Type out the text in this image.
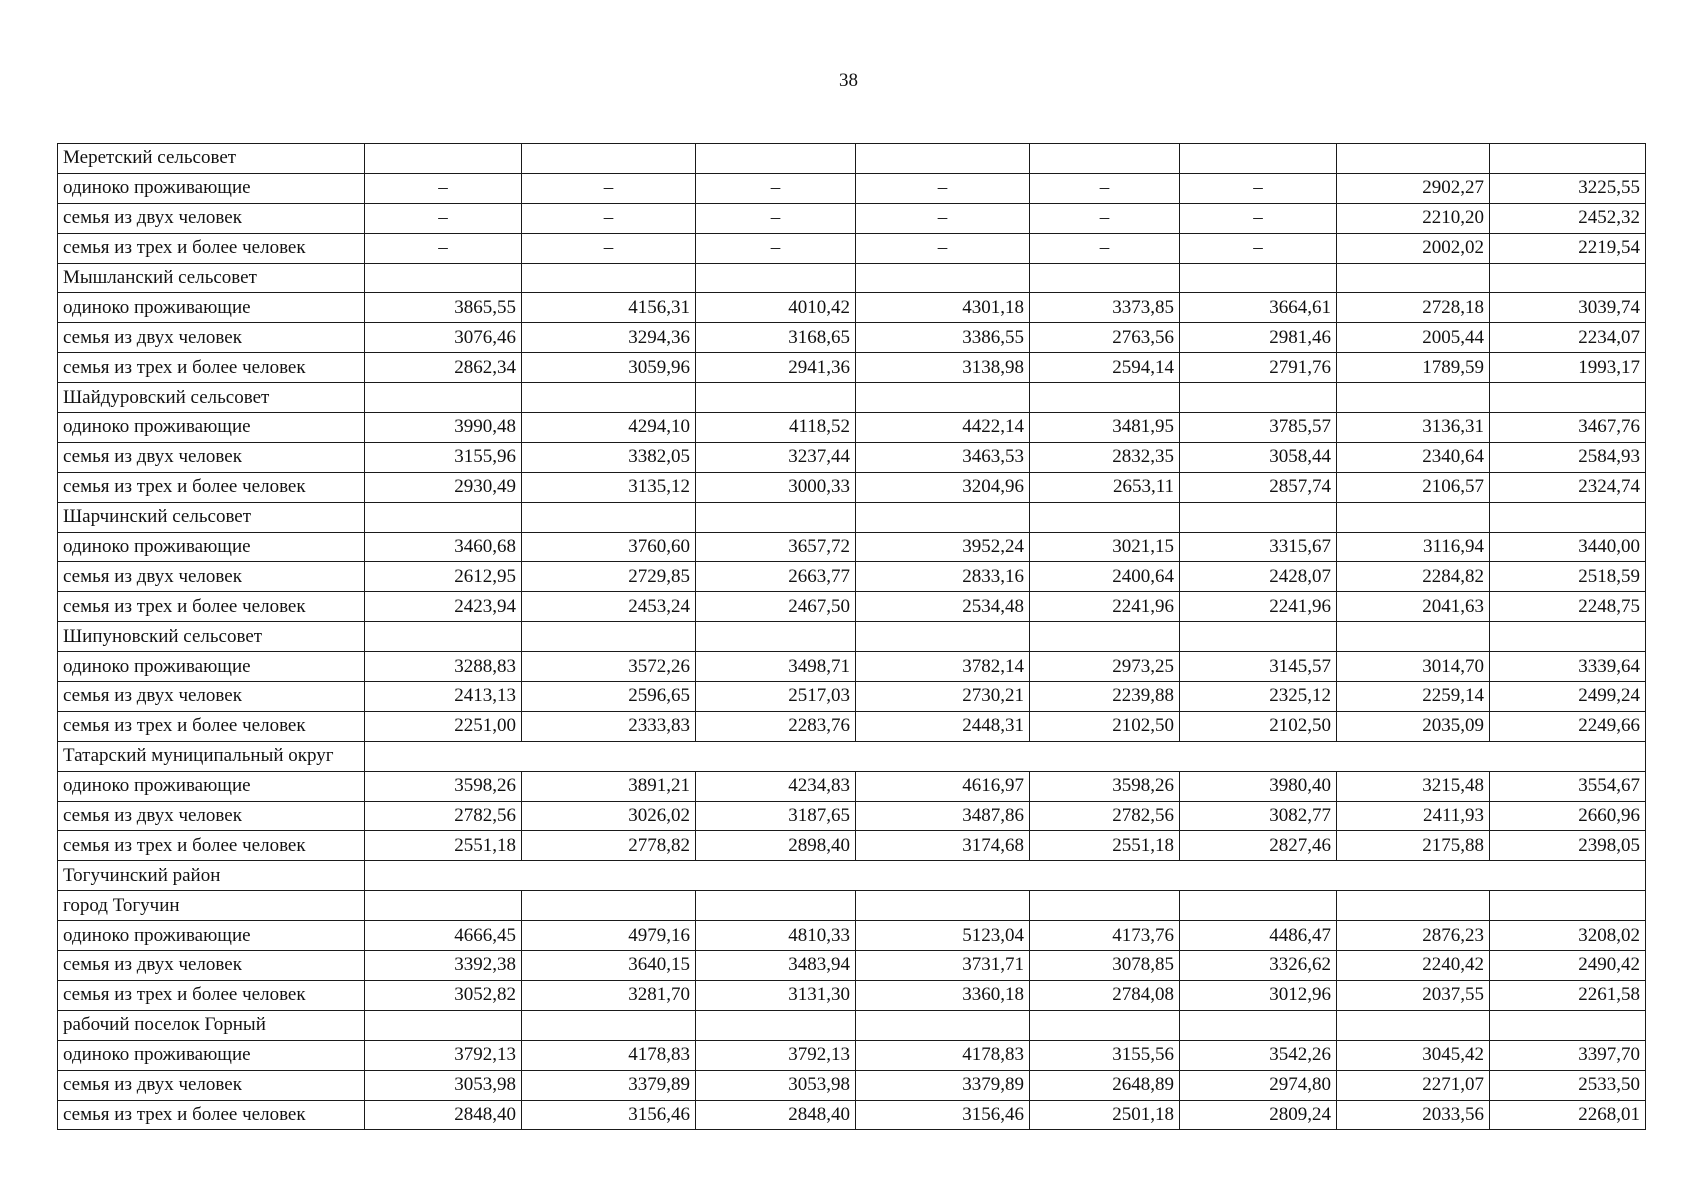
38
Меретский сельсовет								
одиноко проживающие	–	–	–	–	–	–	2902,27	3225,55
семья из двух человек	–	–	–	–	–	–	2210,20	2452,32
семья из трех и более человек	–	–	–	–	–	–	2002,02	2219,54
Мышланский сельсовет								
одиноко проживающие	3865,55	4156,31	4010,42	4301,18	3373,85	3664,61	2728,18	3039,74
семья из двух человек	3076,46	3294,36	3168,65	3386,55	2763,56	2981,46	2005,44	2234,07
семья из трех и более человек	2862,34	3059,96	2941,36	3138,98	2594,14	2791,76	1789,59	1993,17
Шайдуровский сельсовет								
одиноко проживающие	3990,48	4294,10	4118,52	4422,14	3481,95	3785,57	3136,31	3467,76
семья из двух человек	3155,96	3382,05	3237,44	3463,53	2832,35	3058,44	2340,64	2584,93
семья из трех и более человек	2930,49	3135,12	3000,33	3204,96	2653,11	2857,74	2106,57	2324,74
Шарчинский сельсовет								
одиноко проживающие	3460,68	3760,60	3657,72	3952,24	3021,15	3315,67	3116,94	3440,00
семья из двух человек	2612,95	2729,85	2663,77	2833,16	2400,64	2428,07	2284,82	2518,59
семья из трех и более человек	2423,94	2453,24	2467,50	2534,48	2241,96	2241,96	2041,63	2248,75
Шипуновский сельсовет								
одиноко проживающие	3288,83	3572,26	3498,71	3782,14	2973,25	3145,57	3014,70	3339,64
семья из двух человек	2413,13	2596,65	2517,03	2730,21	2239,88	2325,12	2259,14	2499,24
семья из трех и более человек	2251,00	2333,83	2283,76	2448,31	2102,50	2102,50	2035,09	2249,66
Татарский муниципальный округ								
одиноко проживающие	3598,26	3891,21	4234,83	4616,97	3598,26	3980,40	3215,48	3554,67
семья из двух человек	2782,56	3026,02	3187,65	3487,86	2782,56	3082,77	2411,93	2660,96
семья из трех и более человек	2551,18	2778,82	2898,40	3174,68	2551,18	2827,46	2175,88	2398,05
Тогучинский район								
город Тогучин								
одиноко проживающие	4666,45	4979,16	4810,33	5123,04	4173,76	4486,47	2876,23	3208,02
семья из двух человек	3392,38	3640,15	3483,94	3731,71	3078,85	3326,62	2240,42	2490,42
семья из трех и более человек	3052,82	3281,70	3131,30	3360,18	2784,08	3012,96	2037,55	2261,58
рабочий поселок Горный								
одиноко проживающие	3792,13	4178,83	3792,13	4178,83	3155,56	3542,26	3045,42	3397,70
семья из двух человек	3053,98	3379,89	3053,98	3379,89	2648,89	2974,80	2271,07	2533,50
семья из трех и более человек	2848,40	3156,46	2848,40	3156,46	2501,18	2809,24	2033,56	2268,01
